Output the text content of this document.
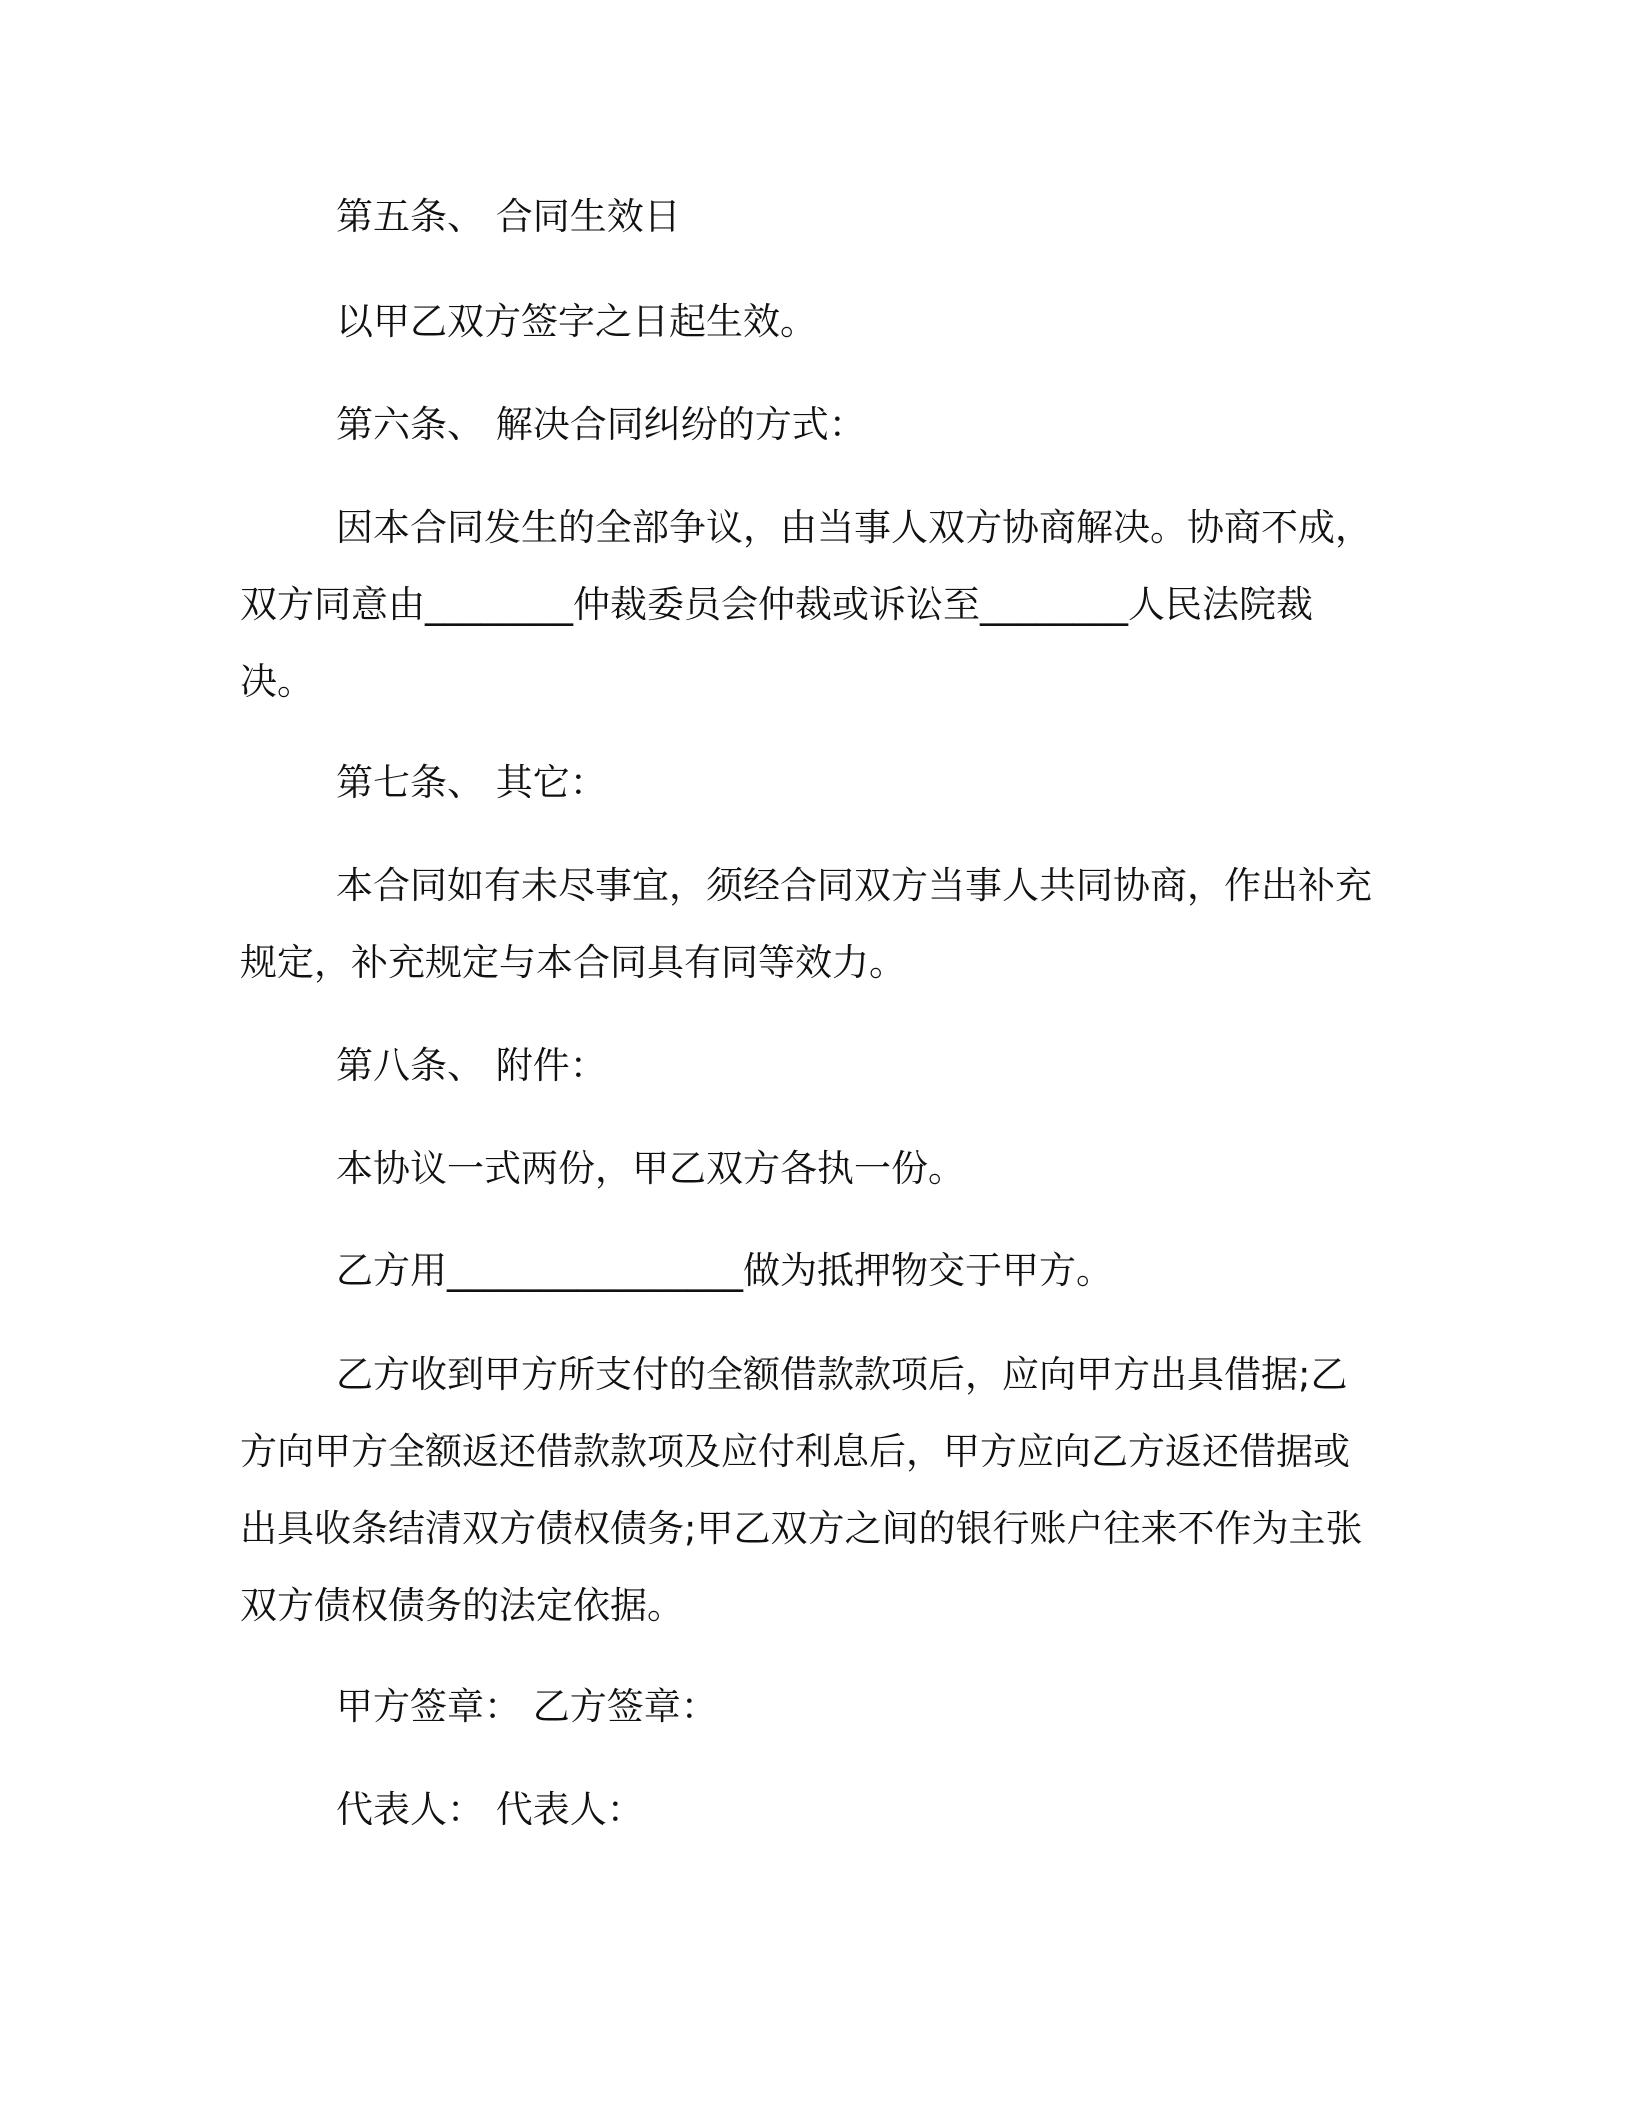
第五条、 合同生效日
以甲乙双方签字之日起生效。
第六条、 解决合同纠纷的方式：
因本合同发生的全部争议，由当事人双方协商解决。协商不成，
双方同意由________仲裁委员会仲裁或诉讼至________人民法院裁
决。
第七条、 其它：
本合同如有未尽事宜，须经合同双方当事人共同协商，作出补充
规定，补充规定与本合同具有同等效力。
第八条、 附件：
本协议一式两份，甲乙双方各执一份。
乙方用________________做为抵押物交于甲方。
乙方收到甲方所支付的全额借款款项后，应向甲方出具借据;乙
方向甲方全额返还借款款项及应付利息后，甲方应向乙方返还借据或
出具收条结清双方债权债务;甲乙双方之间的银行账户往来不作为主张
双方债权债务的法定依据。
甲方签章： 乙方签章：
代表人： 代表人：
